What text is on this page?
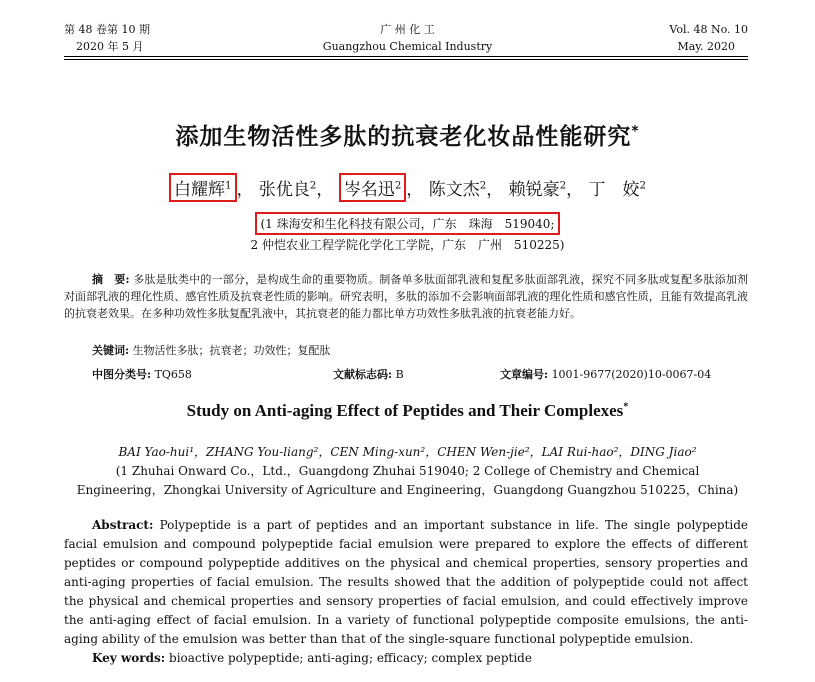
第 48 卷第 10 期
2020 年 5 月
广 州 化 工
Guangzhou Chemical Industry
Vol. 48 No. 10
May. 2020
添加生物活性多肽的抗衰老化妆品性能研究*
白耀辉$^1$ ， 张优良$^2$， 岑名迅$^2$ ， 陈文杰$^2$， 赖锐豪$^2$， 丁　姣$^2$
(1 珠海安和生化科技有限公司，广东　珠海　519040;
2 仲恺农业工程学院化学化工学院，广东　广州　510225)
摘　要: 多肽是肽类中的一部分，是构成生命的重要物质。制备单多肽面部乳液和复配多肽面部乳液，探究不同多肽或复配多肽添加剂对面部乳液的理化性质、感官性质及抗衰老性质的影响。研究表明，多肽的添加不会影响面部乳液的理化性质和感官性质，且能有效提高乳液的抗衰老效果。在多种功效性多肽复配乳液中，其抗衰老的能力都比单方功效性多肽乳液的抗衰老能力好。
关键词: 生物活性多肽；抗衰老；功效性；复配肽
中图分类号: TQ658	文献标志码: B	文章编号: 1001-9677(2020)10-0067-04
Study on Anti-aging Effect of Peptides and Their Complexes*
BAI Yao-hui¹，ZHANG You-liang²，CEN Ming-xun²，CHEN Wen-jie²，LAI Rui-hao²，DING Jiao²
(1 Zhuhai Onward Co.，Ltd.，Guangdong Zhuhai 519040; 2 College of Chemistry and Chemical
Engineering，Zhongkai University of Agriculture and Engineering，Guangdong Guangzhou 510225，China)
Abstract: Polypeptide is a part of peptides and an important substance in life. The single polypeptide facial emulsion and compound polypeptide facial emulsion were prepared to explore the effects of different peptides or compound polypeptide additives on the physical and chemical properties, sensory properties and anti-aging properties of facial emulsion. The results showed that the addition of polypeptide could not affect the physical and chemical properties and sensory properties of facial emulsion, and could effectively improve the anti-aging effect of facial emulsion. In a variety of functional polypeptide composite emulsions, the anti-aging ability of the emulsion was better than that of the single-square functional polypeptide emulsion.
Key words: bioactive polypeptide; anti-aging; efficacy; complex peptide
